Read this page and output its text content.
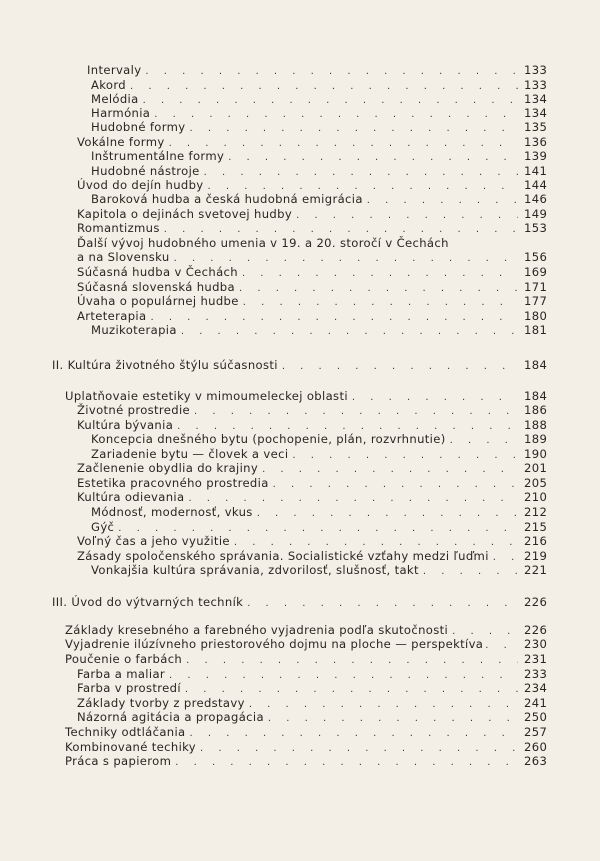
Intervaly . . .	133
Akord . . .	133
Melódia . . .	134
Harmónia . . .	134
Hudobné formy . . .	135
Vokálne formy . . .	136
Inštrumentálne formy . . .	139
Hudobné nástroje . . .	141
Úvod do dejín hudby . . .	144
Baroková hudba a česká hudobná emigrácia . . .	146
Kapitola o dejinách svetovej hudby . . .	149
Romantizmus . . .	153
Ďalší vývoj hudobného umenia v 19. a 20. storočí v Čechách
a na Slovensku . . .	156
Súčasná hudba v Čechách . . .	169
Súčasná slovenská hudba . . .	171
Úvaha o populárnej hudbe . . .	177
Arteterapia . . .	180
Muzikoterapia . . .	181
II. Kultúra životného štýlu súčasnosti . . .	184
Uplatňovaie estetiky v mimoumeleckej oblasti . . .	184
Životné prostredie . . .	186
Kultúra bývania . . .	188
Koncepcia dnešného bytu (pochopenie, plán, rozvrhnutie) . . .	189
Zariadenie bytu — človek a veci . . .	190
Začlenenie obydlia do krajiny . . .	201
Estetika pracovného prostredia . . .	205
Kultúra odievania . . .	210
Módnosť, modernosť, vkus . . .	212
Gýč . . .	215
Voľný čas a jeho využitie . . .	216
Zásady spoločenského správania. Socialistické vzťahy medzi ľuďmi . . .	219
Vonkajšia kultúra správania, zdvorilosť, slušnosť, takt . . .	221
III. Úvod do výtvarných techník . . .	226
Základy kresebného a farebného vyjadrenia podľa skutočnosti . . .	226
Vyjadrenie ilúzívneho priestorového dojmu na ploche — perspektíva . . .	230
Poučenie o farbách . . .	231
Farba a maliar . . .	233
Farba v prostredí . . .	234
Základy tvorby z predstavy . . .	241
Názorná agitácia a propagácia . . .	250
Techniky odtláčania . . .	257
Kombinované techiky . . .	260
Práca s papierom . . .	263
